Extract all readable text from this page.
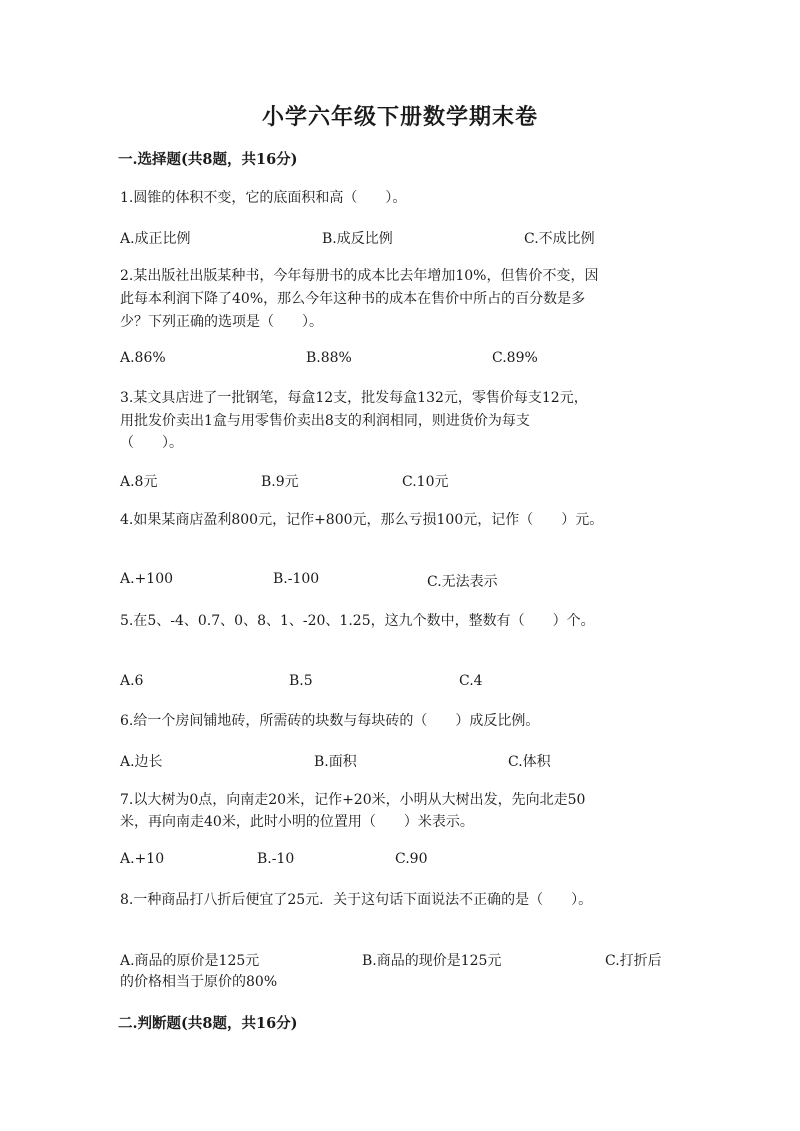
小学六年级下册数学期末卷
一.选择题(共8题，共16分)
1.圆锥的体积不变，它的底面积和高（　　）。
A.成正比例	B.成反比例	C.不成比例
2.某出版社出版某种书，今年每册书的成本比去年增加10%，但售价不变，因
此每本利润下降了40%，那么今年这种书的成本在售价中所占的百分数是多
少？下列正确的选项是（　　）。
A.86%	B.88%	C.89%
3.某文具店进了一批钢笔，每盒12支，批发每盒132元，零售价每支12元，
用批发价卖出1盒与用零售价卖出8支的利润相同，则进货价为每支
（　　）。
A.8元	B.9元	C.10元
4.如果某商店盈利800元，记作+800元，那么亏损100元，记作（　　）元。
A.+100	B.-100	C.无法表示
5.在5、-4、0.7、0、8、1、-20、1.25，这九个数中，整数有（　　）个。
A.6	B.5	C.4
6.给一个房间铺地砖，所需砖的块数与每块砖的（　　）成反比例。
A.边长	B.面积	C.体积
7.以大树为0点，向南走20米，记作+20米，小明从大树出发，先向北走50
米，再向南走40米，此时小明的位置用（　　）米表示。
A.+10	B.-10	C.90
8.一种商品打八折后便宜了25元．关于这句话下面说法不正确的是（　　）。
A.商品的原价是125元	B.商品的现价是125元	C.打折后
的价格相当于原价的80%
二.判断题(共8题，共16分)
